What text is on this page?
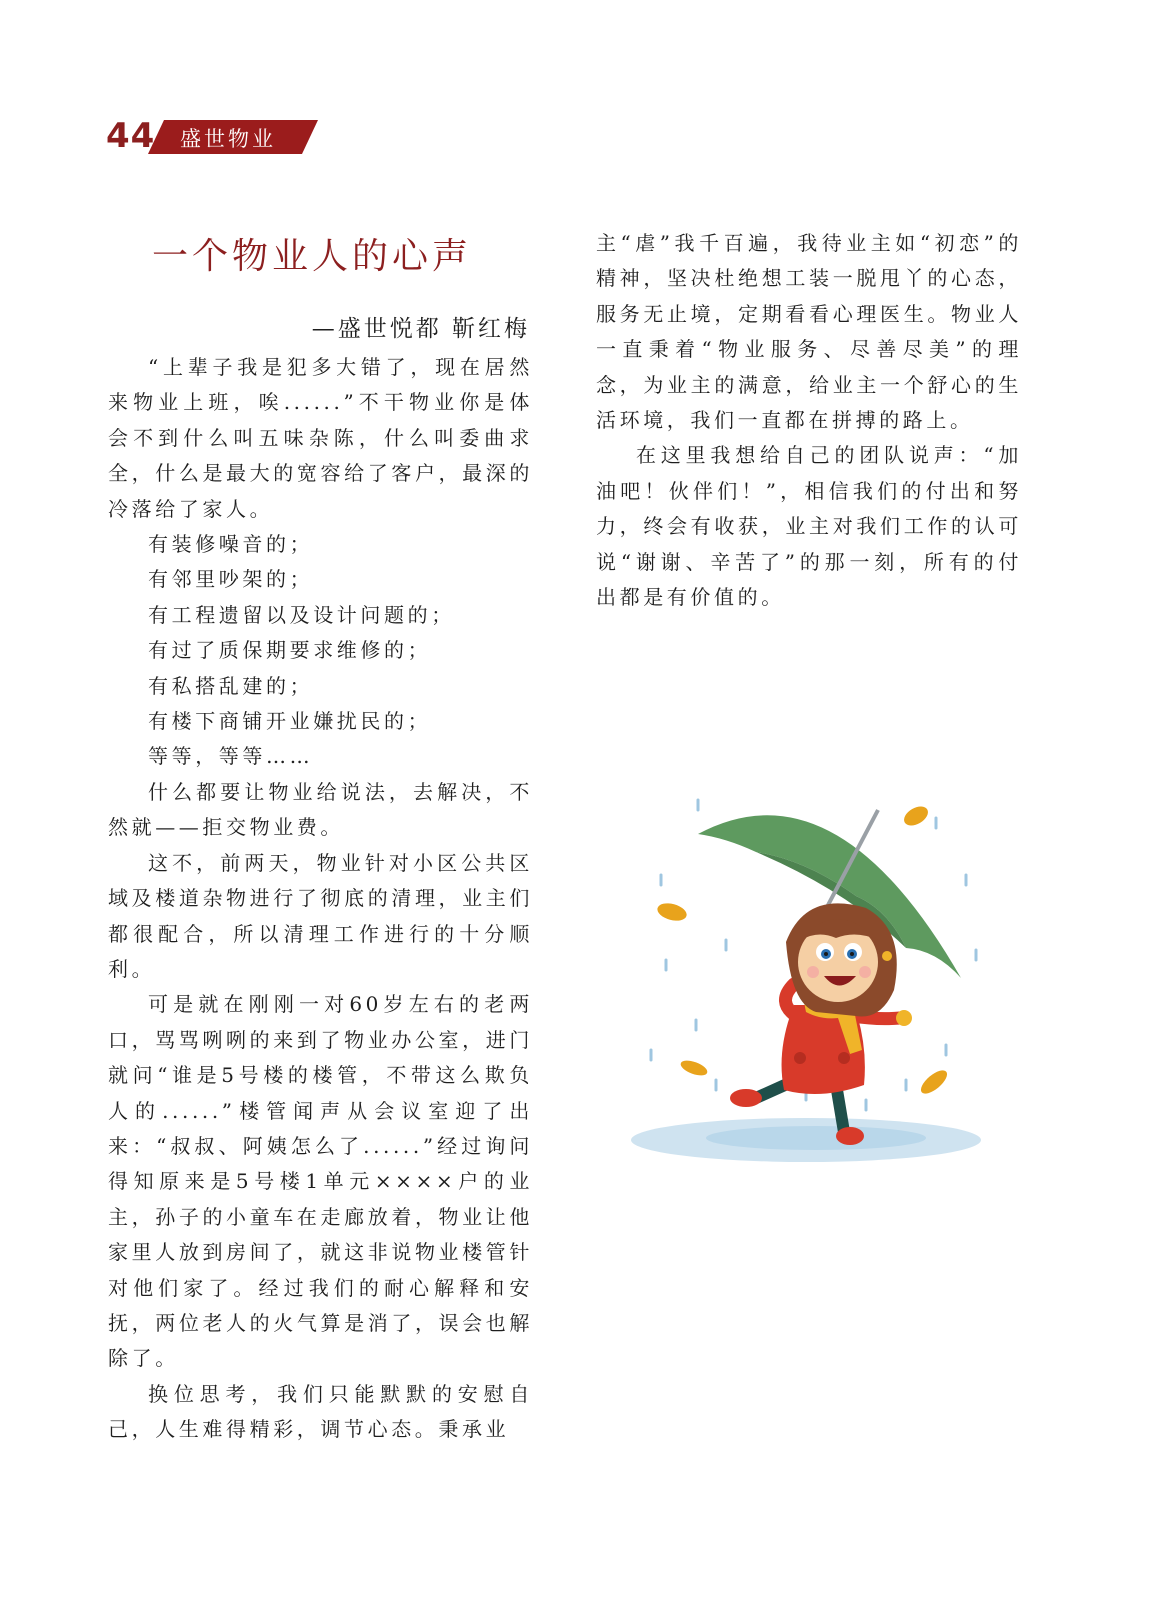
44 盛世物业
一个物业人的心声
—盛世悦都 靳红梅

“上辈子我是犯多大错了，现在居然来物业上班，唉......”不干物业你是体会不到什么叫五味杂陈，什么叫委曲求全，什么是最大的宽容给了客户，最深的冷落给了家人。

有装修噪音的；

有邻里吵架的；

有工程遗留以及设计问题的；

有过了质保期要求维修的；

有私搭乱建的；

有楼下商铺开业嫌扰民的；

等等，等等……

什么都要让物业给说法，去解决，不然就——拒交物业费。

这不，前两天，物业针对小区公共区域及楼道杂物进行了彻底的清理，业主们都很配合，所以清理工作进行的十分顺利。

可是就在刚刚一对60岁左右的老两口，骂骂咧咧的来到了物业办公室，进门就问“谁是5号楼的楼管，不带这么欺负人的......”楼管闻声从会议室迎了出来：“叔叔、阿姨怎么了......”经过询问得知原来是5号楼1单元××××户的业主，孙子的小童车在走廊放着，物业让他家里人放到房间了，就这非说物业楼管针对他们家了。经过我们的耐心解释和安抚，两位老人的火气算是消了，误会也解除了。

换位思考，我们只能默默的安慰自己，人生难得精彩，调节心态。秉承业

主“虐”我千百遍，我待业主如“初恋”的精神，坚决杜绝想工装一脱甩丫的心态，服务无止境，定期看看心理医生。物业人一直秉着“物业服务、尽善尽美”的理念，为业主的满意，给业主一个舒心的生活环境，我们一直都在拼搏的路上。

在这里我想给自己的团队说声：“加油吧！伙伴们！”，相信我们的付出和努力，终会有收获，业主对我们工作的认可说“谢谢、辛苦了”的那一刻，所有的付出都是有价值的。
